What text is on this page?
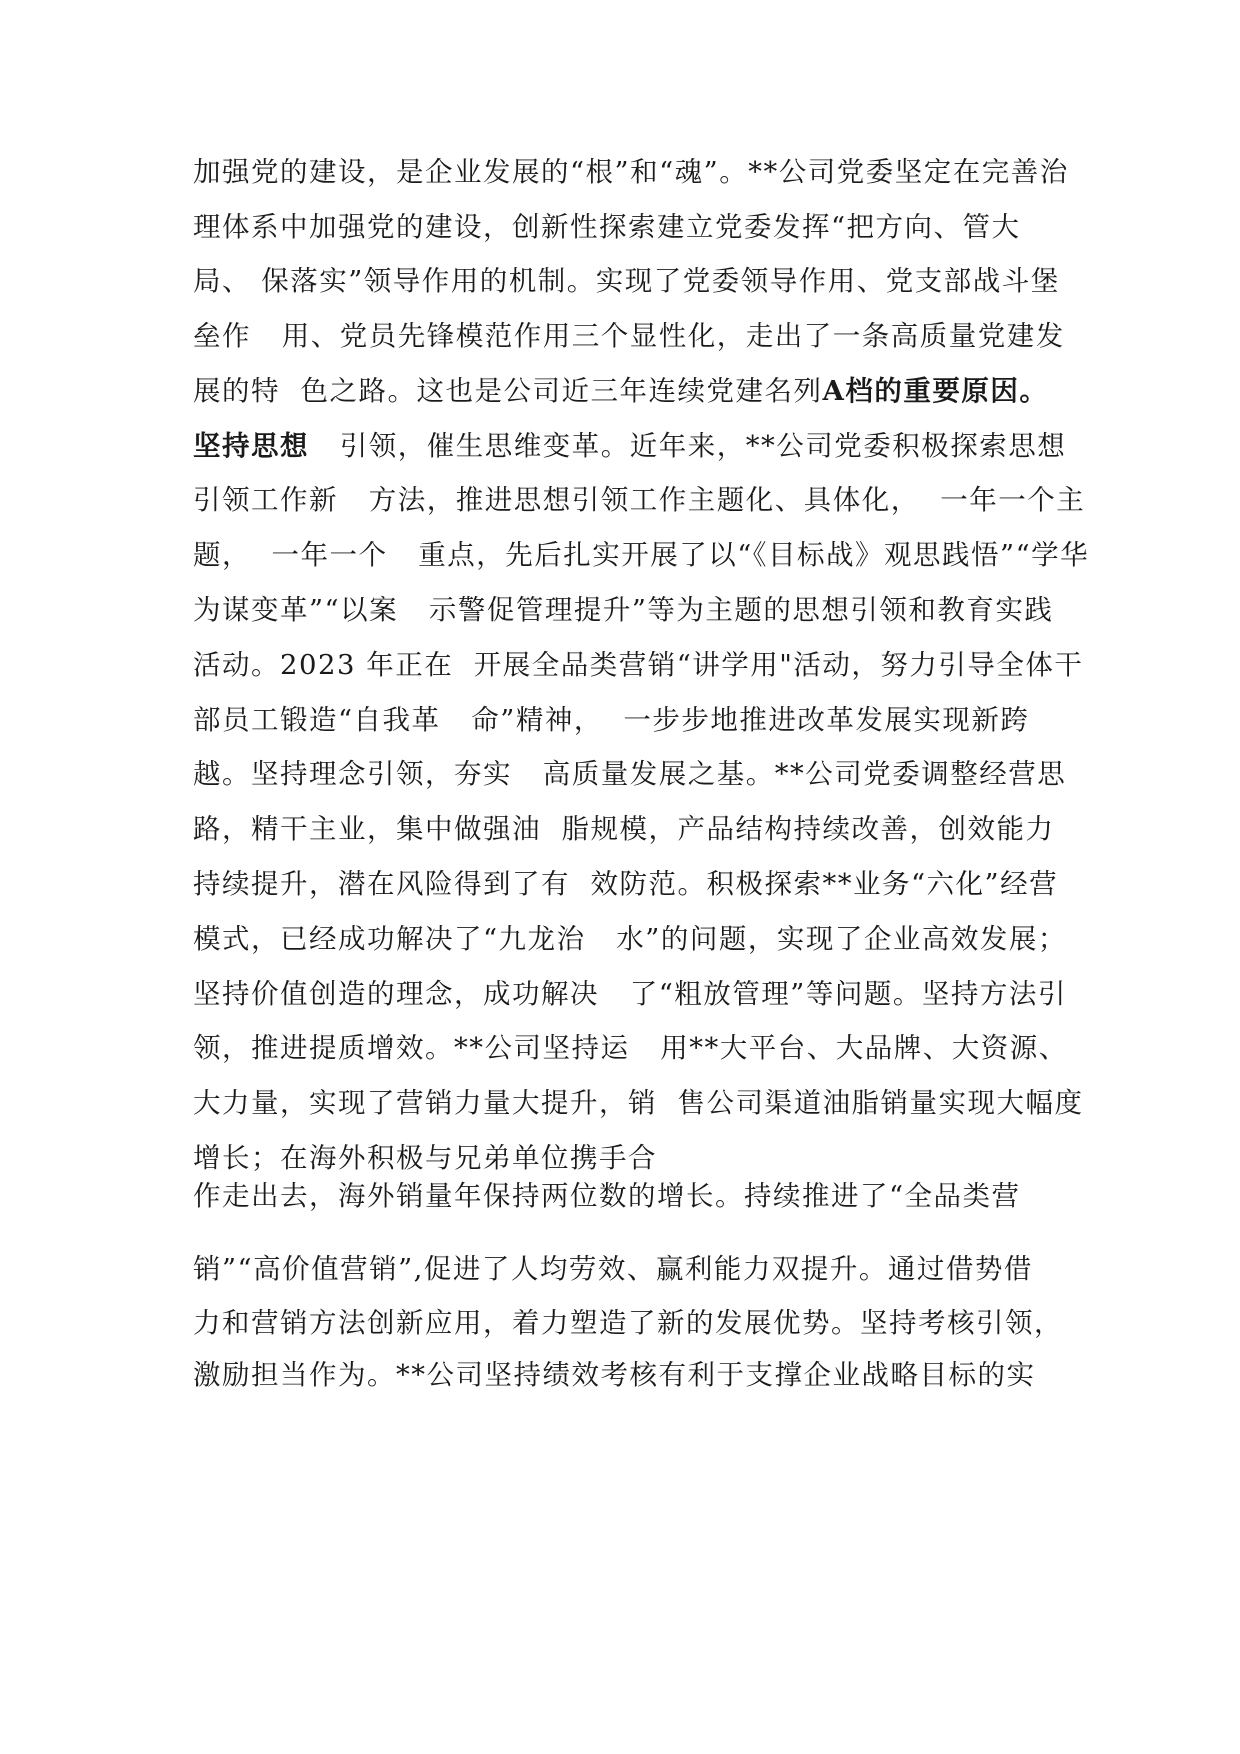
加强党的建设，是企业发展的“根”和“魂”。**公司党委坚定在完善治

理体系中加强党的建设，创新性探索建立党委发挥“把方向、管大

局、 保落实”领导作用的机制。实现了党委领导作用、党支部战斗堡

垒作   用、党员先锋模范作用三个显性化，走出了一条高质量党建发

展的特  色之路。这也是公司近三年连续党建名列A档的重要原因。

坚持思想   引领，催生思维变革。近年来，**公司党委积极探索思想

引领工作新   方法，推进思想引领工作主题化、具体化，  一年一个主

题，  一年一个   重点，先后扎实开展了以“《目标战》观思践悟”“学华

为谋变革”“以案   示警促管理提升”等为主题的思想引领和教育实践

活动。2023 年正在  开展全品类营销“讲学用"活动，努力引导全体干

部员工锻造“自我革   命”精神，  一步步地推进改革发展实现新跨

越。坚持理念引领，夯实   高质量发展之基。**公司党委调整经营思

路，精干主业，集中做强油  脂规模，产品结构持续改善，创效能力

持续提升，潜在风险得到了有  效防范。积极探索**业务“六化”经营

模式，已经成功解决了“九龙治   水”的问题，实现了企业高效发展；

坚持价值创造的理念，成功解决   了“粗放管理”等问题。坚持方法引

领，推进提质增效。**公司坚持运   用**大平台、大品牌、大资源、

大力量，实现了营销力量大提升，销  售公司渠道油脂销量实现大幅度

增长；在海外积极与兄弟单位携手合

作走出去，海外销量年保持两位数的增长。持续推进了“全品类营

销”“高价值营销”,促进了人均劳效、赢利能力双提升。通过借势借

力和营销方法创新应用，着力塑造了新的发展优势。坚持考核引领，

激励担当作为。**公司坚持绩效考核有利于支撑企业战略目标的实
